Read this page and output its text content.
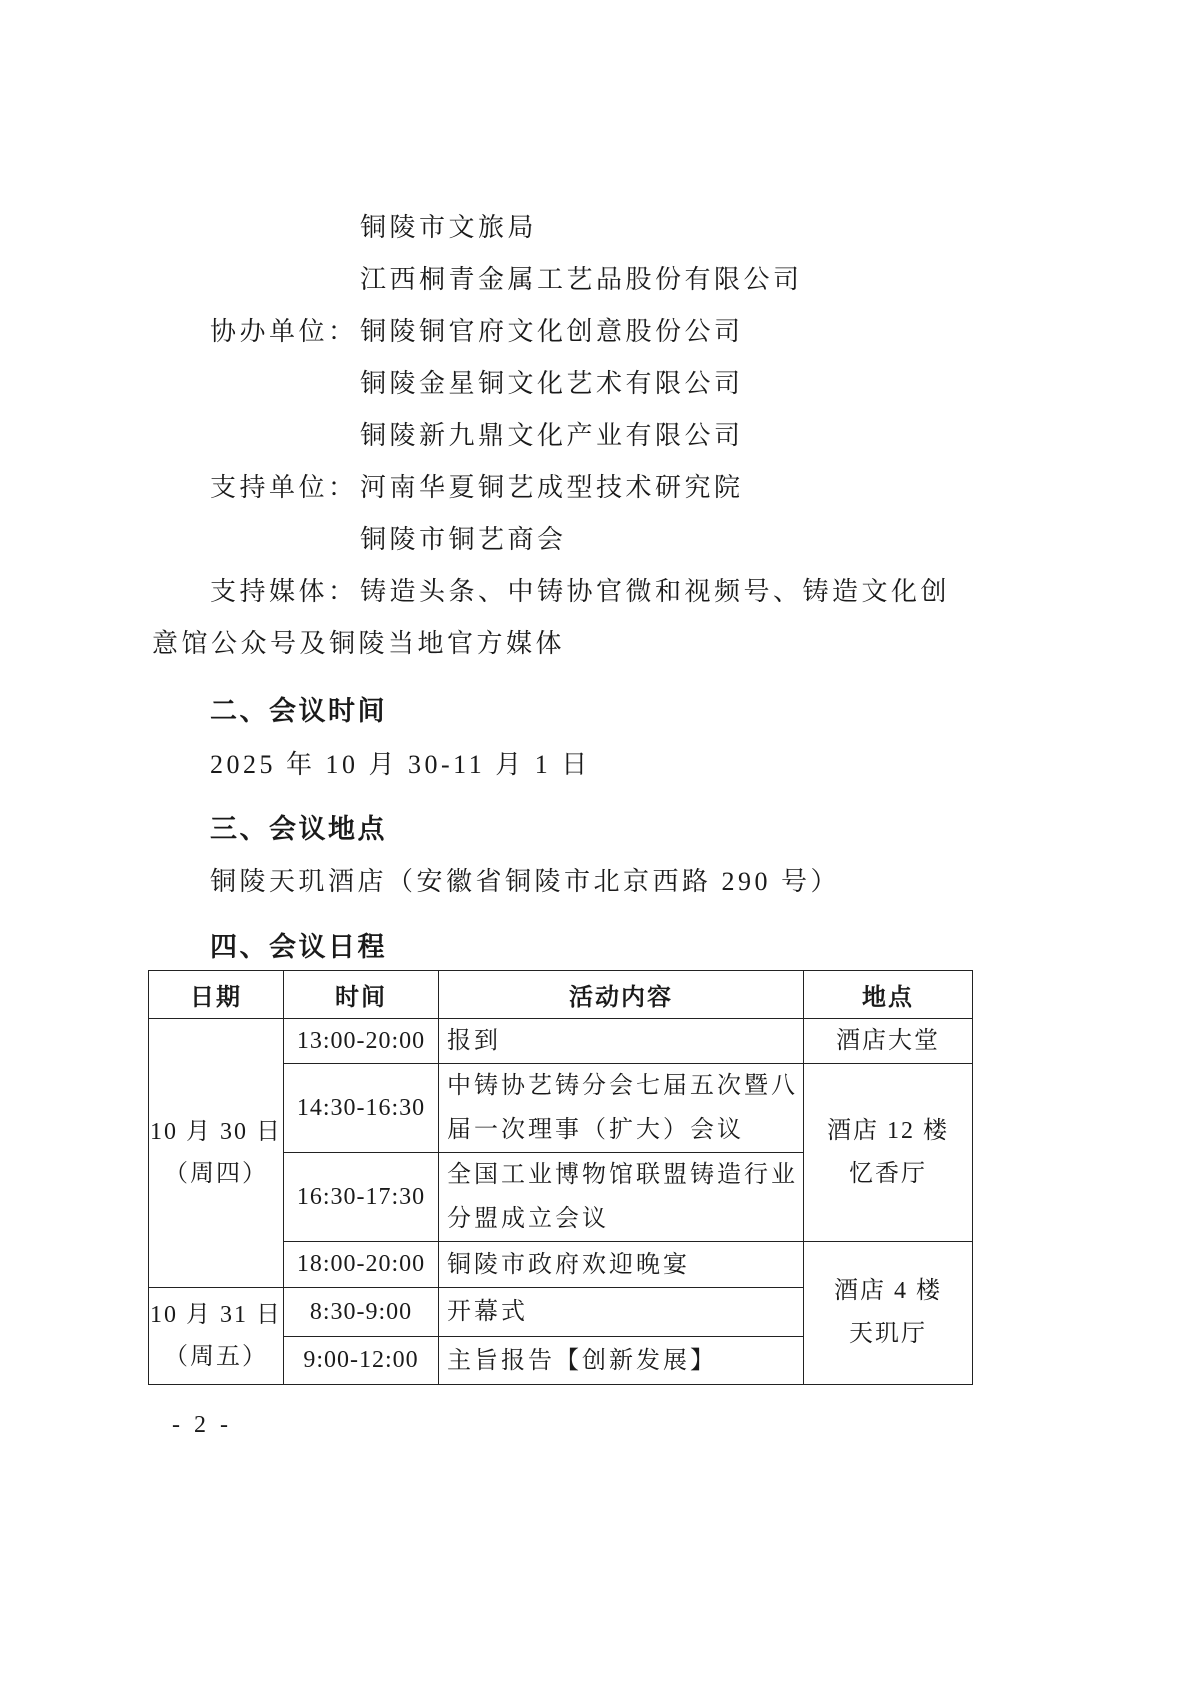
铜陵市文旅局
江西桐青金属工艺品股份有限公司
协办单位： 铜陵铜官府文化创意股份公司
铜陵金星铜文化艺术有限公司
铜陵新九鼎文化产业有限公司
支持单位： 河南华夏铜艺成型技术研究院
铜陵市铜艺商会
支持媒体： 铸造头条、中铸协官微和视频号、铸造文化创
意馆公众号及铜陵当地官方媒体
二、会议时间
2025 年 10 月 30-11 月 1 日
三、会议地点
铜陵天玑酒店（安徽省铜陵市北京西路 290 号）
四、会议日程
日期	时间	活动内容	地点

10 月 30 日
（周四）	13:00-20:00	报到	酒店大堂

	14:30-16:30	中铸协艺铸分会七届五次暨八
届一次理事（扩大）会议	酒店 12 楼
忆香厅

	16:30-17:30	全国工业博物馆联盟铸造行业
分盟成立会议	

	18:00-20:00	铜陵市政府欢迎晚宴	酒店 4 楼
天玑厅

10 月 31 日
（周五）	8:30-9:00	开幕式	

	9:00-12:00	主旨报告【创新发展】	
- 2 -
